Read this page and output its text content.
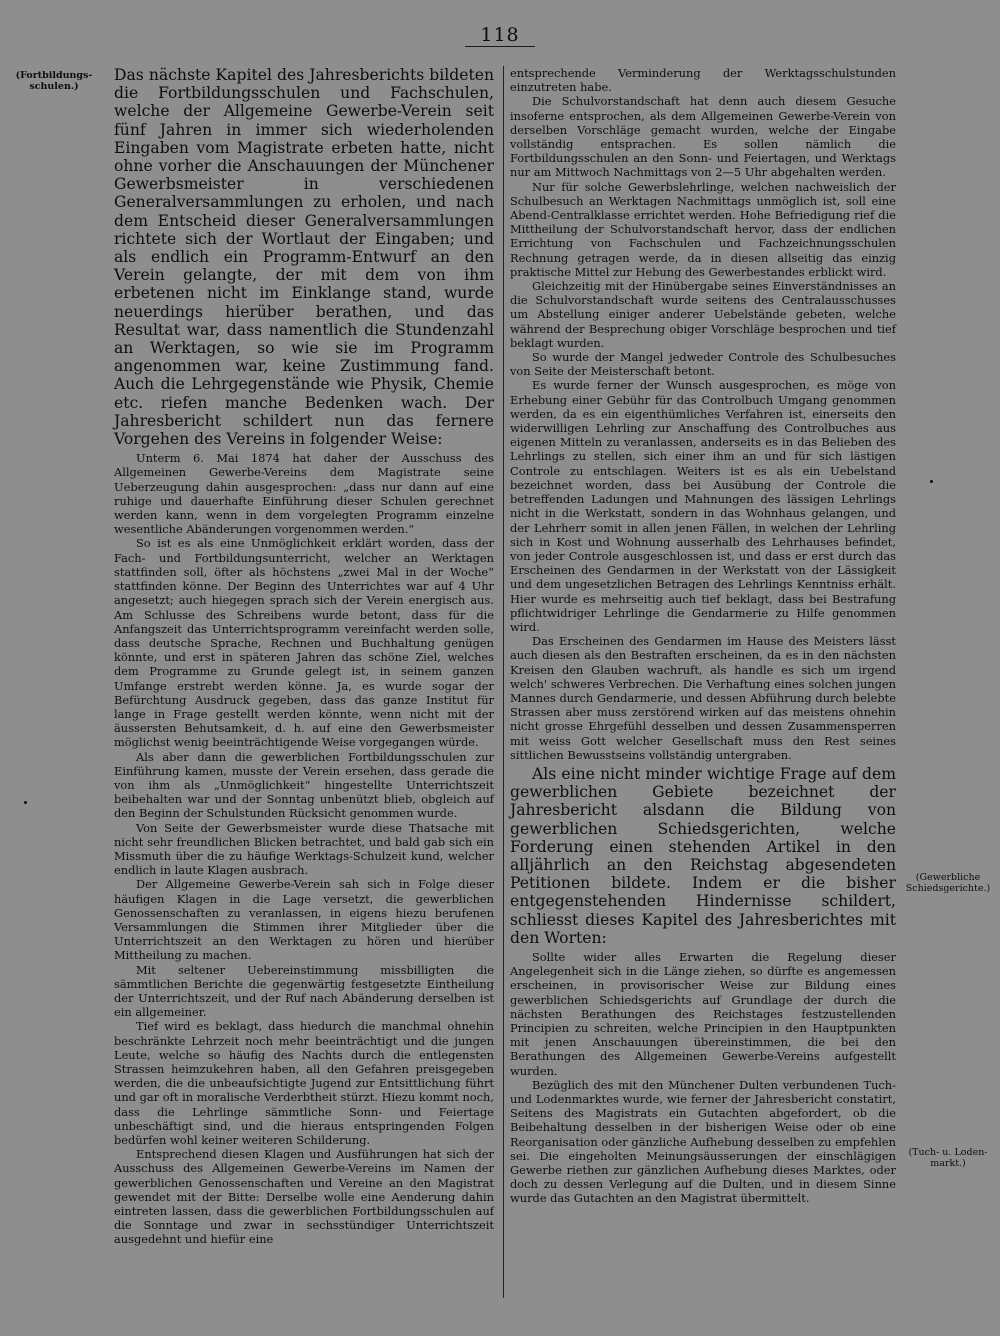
118
(Fortbildungs-schulen.)
(Gewerbliche Schiedsgerichte.)
(Tuch- u. Loden-markt.)

Das nächste Kapitel des Jahresberichts bildeten die Fortbildungsschulen und Fachschulen, welche der Allgemeine Gewerbe-Verein seit fünf Jahren in immer sich wiederholenden Eingaben vom Magistrate erbeten hatte, nicht ohne vorher die Anschauungen der Münchener Gewerbsmeister in verschiedenen Generalversammlungen zu erholen, und nach dem Entscheid dieser Generalversammlungen richtete sich der Wortlaut der Eingaben; und als endlich ein Programm-Entwurf an den Verein gelangte, der mit dem von ihm erbetenen nicht im Einklange stand, wurde neuerdings hierüber berathen, und das Resultat war, dass namentlich die Stundenzahl an Werktagen, so wie sie im Programm angenommen war, keine Zustimmung fand. Auch die Lehrgegenstände wie Physik, Chemie etc. riefen manche Bedenken wach. Der Jahresbericht schildert nun das fernere Vorgehen des Vereins in folgender Weise:

Unterm 6. Mai 1874 hat daher der Ausschuss des Allgemeinen Gewerbe-Vereins dem Magistrate seine Ueberzeugung dahin ausgesprochen: „dass nur dann auf eine ruhige und dauerhafte Einführung dieser Schulen gerechnet werden kann, wenn in dem vorgelegten Programm einzelne wesentliche Abänderungen vorgenommen werden.“

So ist es als eine Unmöglichkeit erklärt worden, dass der Fach- und Fortbildungsunterricht, welcher an Werktagen stattfinden soll, öfter als höchstens „zwei Mal in der Woche“ stattfinden könne. Der Beginn des Unterrichtes war auf 4 Uhr angesetzt; auch hiegegen sprach sich der Verein energisch aus. Am Schlusse des Schreibens wurde betont, dass für die Anfangszeit das Unterrichtsprogramm vereinfacht werden solle, dass deutsche Sprache, Rechnen und Buchhaltung genügen könnte, und erst in späteren Jahren das schöne Ziel, welches dem Programme zu Grunde gelegt ist, in seinem ganzen Umfange erstrebt werden könne. Ja, es wurde sogar der Befürchtung Ausdruck gegeben, dass das ganze Institut für lange in Frage gestellt werden könnte, wenn nicht mit der äussersten Behutsamkeit, d. h. auf eine den Gewerbsmeister möglichst wenig beeinträchtigende Weise vorgegangen würde.

Als aber dann die gewerblichen Fortbildungsschulen zur Einführung kamen, musste der Verein ersehen, dass gerade die von ihm als „Unmöglichkeit“ hingestellte Unterrichtszeit beibehalten war und der Sonntag unbenützt blieb, obgleich auf den Beginn der Schulstunden Rücksicht genommen wurde.

Von Seite der Gewerbsmeister wurde diese Thatsache mit nicht sehr freundlichen Blicken betrachtet, und bald gab sich ein Missmuth über die zu häufige Werktags-Schulzeit kund, welcher endlich in laute Klagen ausbrach.

Der Allgemeine Gewerbe-Verein sah sich in Folge dieser häufigen Klagen in die Lage versetzt, die gewerblichen Genossenschaften zu veranlassen, in eigens hiezu berufenen Versammlungen die Stimmen ihrer Mitglieder über die Unterrichtszeit an den Werktagen zu hören und hierüber Mittheilung zu machen.

Mit seltener Uebereinstimmung missbilligten die sämmtlichen Berichte die gegenwärtig festgesetzte Eintheilung der Unterrichtszeit, und der Ruf nach Abänderung derselben ist ein allgemeiner.

Tief wird es beklagt, dass hiedurch die manchmal ohnehin beschränkte Lehrzeit noch mehr beeinträchtigt und die jungen Leute, welche so häufig des Nachts durch die entlegensten Strassen heimzukehren haben, all den Gefahren preisgegeben werden, die die unbeaufsichtigte Jugend zur Entsittlichung führt und gar oft in moralische Verderbtheit stürzt. Hiezu kommt noch, dass die Lehrlinge sämmtliche Sonn- und Feiertage unbeschäftigt sind, und die hieraus entspringenden Folgen bedürfen wohl keiner weiteren Schilderung.

Entsprechend diesen Klagen und Ausführungen hat sich der Ausschuss des Allgemeinen Gewerbe-Vereins im Namen der gewerblichen Genossenschaften und Vereine an den Magistrat gewendet mit der Bitte: Derselbe wolle eine Aenderung dahin eintreten lassen, dass die gewerblichen Fortbildungsschulen auf die Sonntage und zwar in sechsstündiger Unterrichtszeit ausgedehnt und hiefür eine

entsprechende Verminderung der Werktagsschulstunden einzutreten habe.

Die Schulvorstandschaft hat denn auch diesem Gesuche insoferne entsprochen, als dem Allgemeinen Gewerbe-Verein von derselben Vorschläge gemacht wurden, welche der Eingabe vollständig entsprachen. Es sollen nämlich die Fortbildungsschulen an den Sonn- und Feiertagen, und Werktags nur am Mittwoch Nachmittags von 2—5 Uhr abgehalten werden.

Nur für solche Gewerbslehrlinge, welchen nachweislich der Schulbesuch an Werktagen Nachmittags unmöglich ist, soll eine Abend-Centralklasse errichtet werden. Hohe Befriedigung rief die Mittheilung der Schulvorstandschaft hervor, dass der endlichen Errichtung von Fachschulen und Fachzeichnungsschulen Rechnung getragen werde, da in diesen allseitig das einzig praktische Mittel zur Hebung des Gewerbestandes erblickt wird.

Gleichzeitig mit der Hinübergabe seines Einverständnisses an die Schulvorstandschaft wurde seitens des Centralausschusses um Abstellung einiger anderer Uebelstände gebeten, welche während der Besprechung obiger Vorschläge besprochen und tief beklagt wurden.

So wurde der Mangel jedweder Controle des Schulbesuches von Seite der Meisterschaft betont.

Es wurde ferner der Wunsch ausgesprochen, es möge von Erhebung einer Gebühr für das Controlbuch Umgang genommen werden, da es ein eigenthümliches Verfahren ist, einerseits den widerwilligen Lehrling zur Anschaffung des Controlbuches aus eigenen Mitteln zu veranlassen, anderseits es in das Belieben des Lehrlings zu stellen, sich einer ihm an und für sich lästigen Controle zu entschlagen. Weiters ist es als ein Uebelstand bezeichnet worden, dass bei Ausübung der Controle die betreffenden Ladungen und Mahnungen des lässigen Lehrlings nicht in die Werkstatt, sondern in das Wohnhaus gelangen, und der Lehrherr somit in allen jenen Fällen, in welchen der Lehrling sich in Kost und Wohnung ausserhalb des Lehrhauses befindet, von jeder Controle ausgeschlossen ist, und dass er erst durch das Erscheinen des Gendarmen in der Werkstatt von der Lässigkeit und dem ungesetzlichen Betragen des Lehrlings Kenntniss erhält. Hier wurde es mehrseitig auch tief beklagt, dass bei Bestrafung pflichtwidriger Lehrlinge die Gendarmerie zu Hilfe genommen wird.

Das Erscheinen des Gendarmen im Hause des Meisters lässt auch diesen als den Bestraften erscheinen, da es in den nächsten Kreisen den Glauben wachruft, als handle es sich um irgend welch' schweres Verbrechen. Die Verhaftung eines solchen jungen Mannes durch Gendarmerie, und dessen Abführung durch belebte Strassen aber muss zerstörend wirken auf das meistens ohnehin nicht grosse Ehrgefühl desselben und dessen Zusammensperren mit weiss Gott welcher Gesellschaft muss den Rest seines sittlichen Bewusstseins vollständig untergraben.

Als eine nicht minder wichtige Frage auf dem gewerblichen Gebiete bezeichnet der Jahresbericht alsdann die Bildung von gewerblichen Schiedsgerichten, welche Forderung einen stehenden Artikel in den alljährlich an den Reichstag abgesendeten Petitionen bildete. Indem er die bisher entgegenstehenden Hindernisse schildert, schliesst dieses Kapitel des Jahresberichtes mit den Worten:

Sollte wider alles Erwarten die Regelung dieser Angelegenheit sich in die Länge ziehen, so dürfte es angemessen erscheinen, in provisorischer Weise zur Bildung eines gewerblichen Schiedsgerichts auf Grundlage der durch die nächsten Berathungen des Reichstages festzustellenden Principien zu schreiten, welche Principien in den Hauptpunkten mit jenen Anschauungen übereinstimmen, die bei den Berathungen des Allgemeinen Gewerbe-Vereins aufgestellt wurden.

Bezüglich des mit den Münchener Dulten verbundenen Tuch- und Lodenmarktes wurde, wie ferner der Jahresbericht constatirt, Seitens des Magistrats ein Gutachten abgefordert, ob die Beibehaltung desselben in der bisherigen Weise oder ob eine Reorganisation oder gänzliche Aufhebung desselben zu empfehlen sei. Die eingeholten Meinungsäusserungen der einschlägigen Gewerbe riethen zur gänzlichen Aufhebung dieses Marktes, oder doch zu dessen Verlegung auf die Dulten, und in diesem Sinne wurde das Gutachten an den Magistrat übermittelt.
